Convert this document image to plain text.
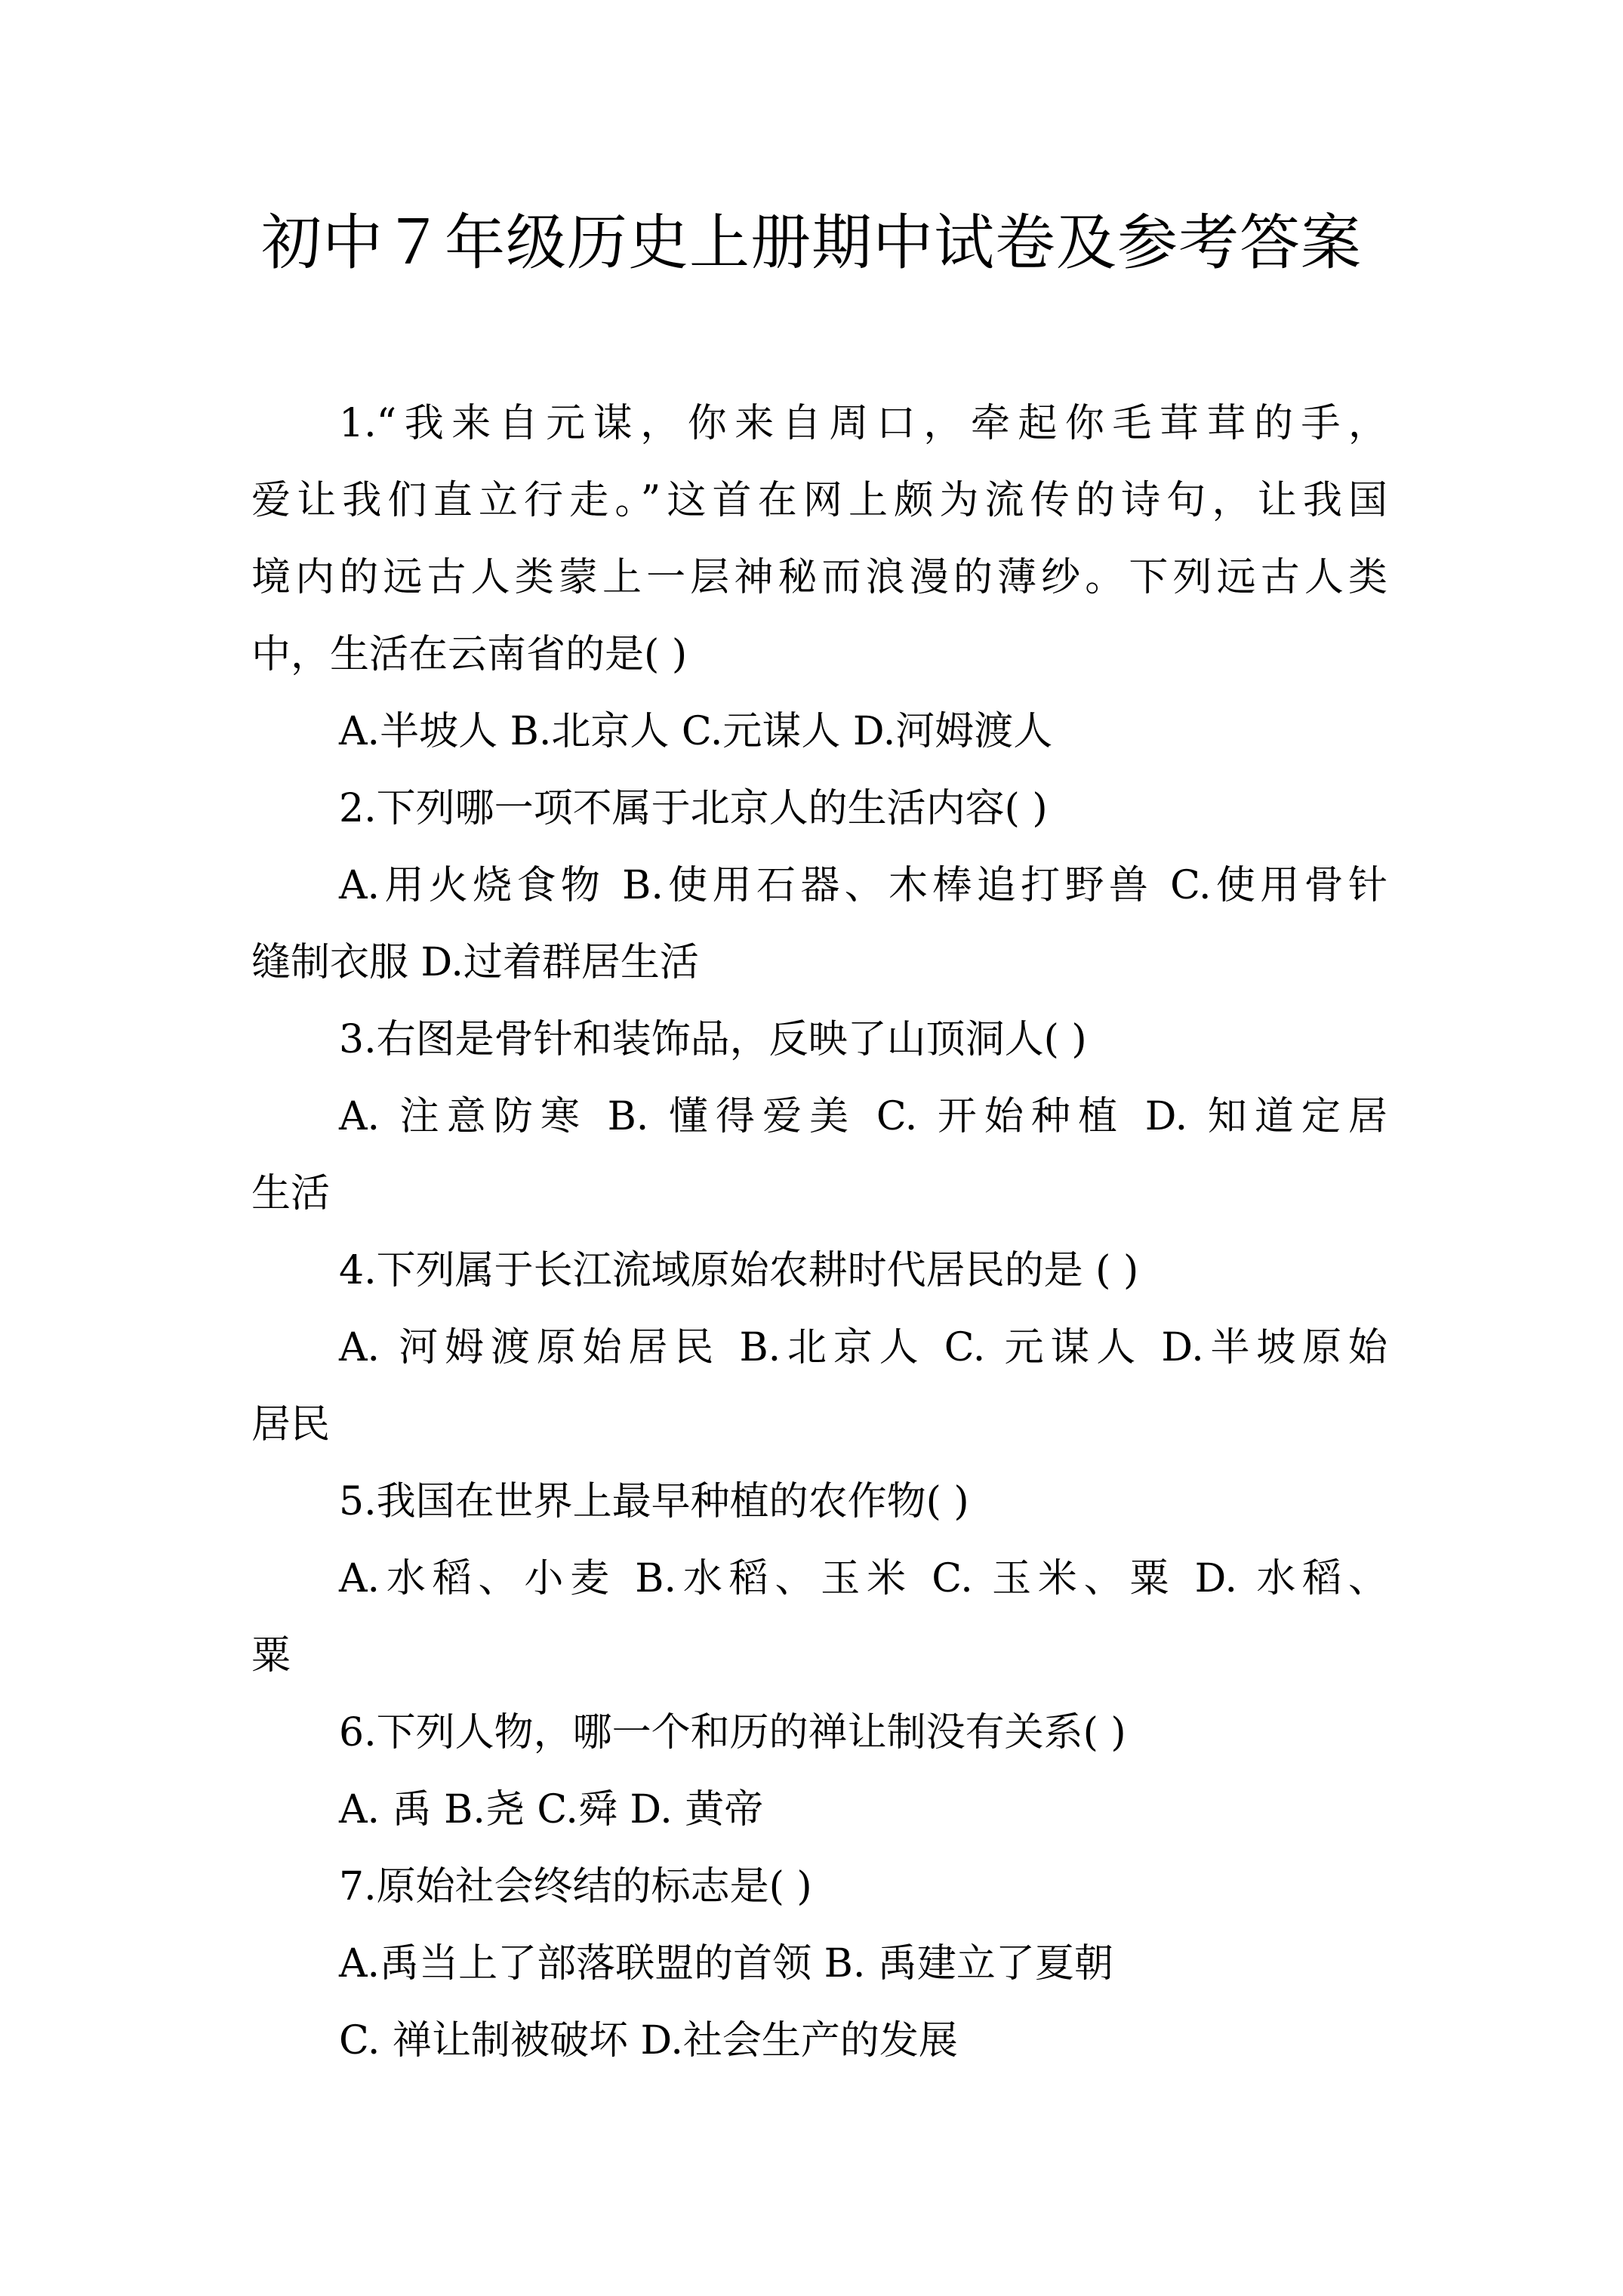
初中７年级历史上册期中试卷及参考答案
1.“我来自元谋，你来自周口，牵起你毛茸茸的手，
爱让我们直立行走。”这首在网上颇为流传的诗句，让我国
境内的远古人类蒙上一层神秘而浪漫的薄纱。下列远古人类
中，生活在云南省的是( )
A.半坡人 B.北京人 C.元谋人 D.河姆渡人
2.下列哪一项不属于北京人的生活内容( )
A.用火烧食物 B.使用石器、木棒追打野兽 C.使用骨针
缝制衣服 D.过着群居生活
3.右图是骨针和装饰品，反映了山顶洞人( )
A. 注意防寒 B. 懂得爱美 C. 开始种植 D. 知道定居
生活
4.下列属于长江流域原始农耕时代居民的是 ( )
A. 河姆渡原始居民 B.北京人 C. 元谋人 D.半坡原始
居民
5.我国在世界上最早种植的农作物( )
A.水稻、小麦 B.水稻、玉米 C. 玉米、粟 D. 水稻、
粟
6.下列人物，哪一个和历的禅让制没有关系( )
A. 禹 B.尧 C.舜 D. 黄帝
7.原始社会终结的标志是( )
A.禹当上了部落联盟的首领 B. 禹建立了夏朝
C. 禅让制被破坏 D.社会生产的发展
